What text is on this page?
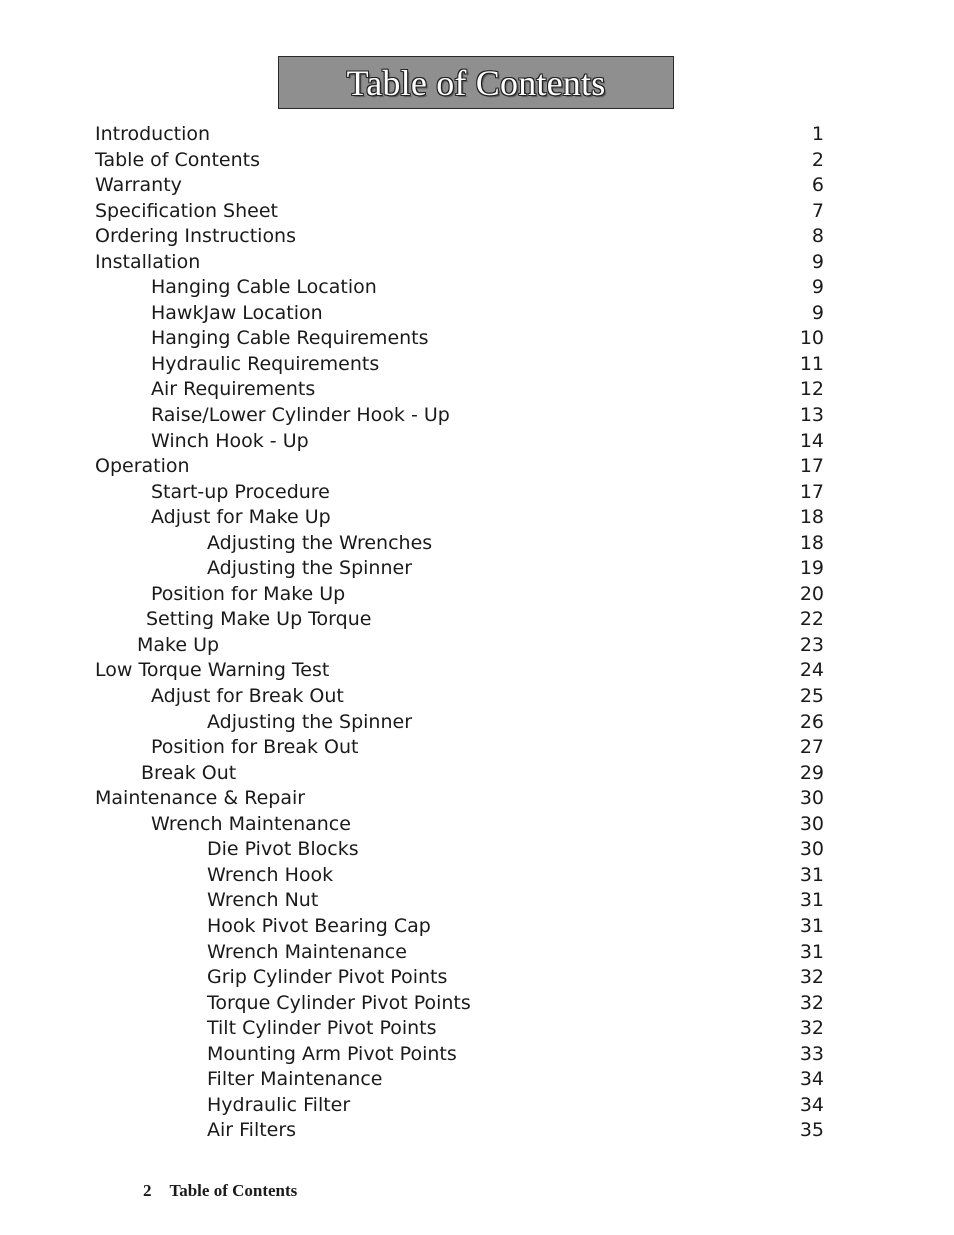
Table of Contents
Introduction	1
Table of Contents	2
Warranty	6
Specification Sheet	7
Ordering Instructions	8
Installation	9
Hanging Cable Location	9
HawkJaw Location	9
Hanging Cable Requirements	10
Hydraulic Requirements	11
Air Requirements	12
Raise/Lower Cylinder Hook - Up	13
Winch Hook - Up	14
Operation	17
Start-up Procedure	17
Adjust for Make Up	18
Adjusting the Wrenches	18
Adjusting the Spinner	19
Position for Make Up	20
Setting Make Up Torque	22
Make Up	23
Low Torque Warning Test	24
Adjust for Break Out	25
Adjusting the Spinner	26
Position for Break Out	27
Break Out	29
Maintenance & Repair	30
Wrench Maintenance	30
Die Pivot Blocks	30
Wrench Hook	31
Wrench Nut	31
Hook Pivot Bearing Cap	31
Wrench Maintenance	31
Grip Cylinder Pivot Points	32
Torque Cylinder Pivot Points	32
Tilt Cylinder Pivot Points	32
Mounting Arm Pivot Points	33
Filter Maintenance	34
Hydraulic Filter	34
Air Filters	35
2 Table of Contents
